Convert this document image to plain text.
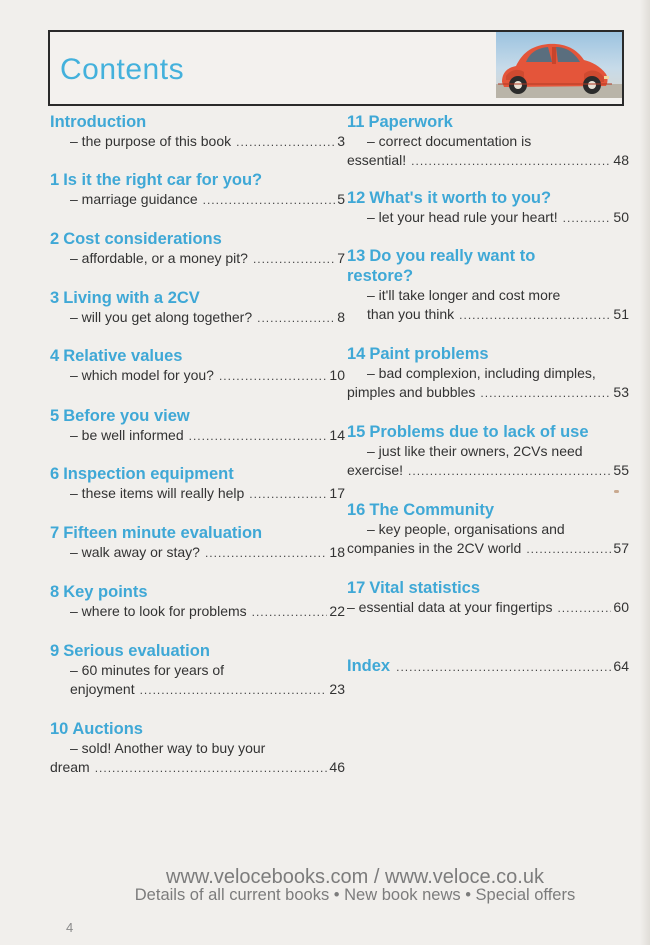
Contents
Introduction
– the purpose of this book .....	3
1 Is it the right car for you?
– marriage guidance .....	5
2 Cost considerations
– affordable, or a money pit? .....	7
3 Living with a 2CV
– will you get along together? .....	8
4 Relative values
– which model for you? .....	10
5 Before you view
– be well informed .....	14
6 Inspection equipment
– these items will really help .....	17
7 Fifteen minute evaluation
– walk away or stay? .....	18
8 Key points
– where to look for problems .....	22
9 Serious evaluation

– 60 minutes for years of

enjoyment .....	23
10 Auctions

– sold! Another way to buy your

dream .....	46
11 Paperwork

– correct documentation is

essential! .....	48
12 What's it worth to you?
– let your head rule your heart! .....	50
13 Do you really want to
restore?

– it'll take longer and cost more

than you think .....	51
14 Paint problems

– bad complexion, including dimples,

pimples and bubbles .....	53
15 Problems due to lack of use

– just like their owners, 2CVs need

exercise! .....	55
16 The Community

– key people, organisations and

companies in the 2CV world .....	57
17 Vital statistics
– essential data at your fingertips .....	60
Index .....	64
www.velocebooks.com / www.veloce.co.uk
Details of all current books • New book news • Special offers
4
